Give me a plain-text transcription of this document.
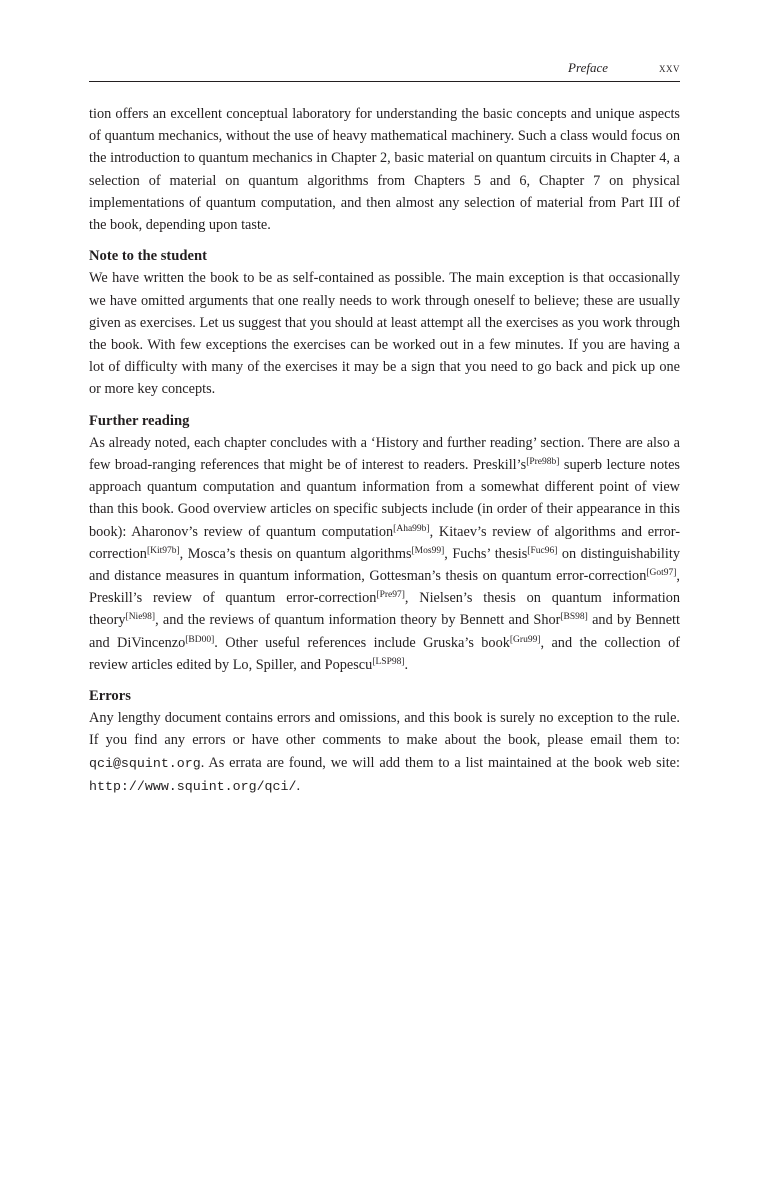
Preface	xxv

tion offers an excellent conceptual laboratory for understanding the basic concepts and unique aspects of quantum mechanics, without the use of heavy mathematical machinery. Such a class would focus on the introduction to quantum mechanics in Chapter 2, basic material on quantum circuits in Chapter 4, a selection of material on quantum algorithms from Chapters 5 and 6, Chapter 7 on physical implementations of quantum computation, and then almost any selection of material from Part III of the book, depending upon taste.

Note to the student

We have written the book to be as self-contained as possible. The main exception is that occasionally we have omitted arguments that one really needs to work through oneself to believe; these are usually given as exercises. Let us suggest that you should at least attempt all the exercises as you work through the book. With few exceptions the exercises can be worked out in a few minutes. If you are having a lot of difficulty with many of the exercises it may be a sign that you need to go back and pick up one or more key concepts.

Further reading

As already noted, each chapter concludes with a ‘History and further reading’ section. There are also a few broad-ranging references that might be of interest to readers. Preskill’s[Pre98b] superb lecture notes approach quantum computation and quantum information from a somewhat different point of view than this book. Good overview articles on specific subjects include (in order of their appearance in this book): Aharonov’s review of quantum computation[Aha99b], Kitaev’s review of algorithms and error-correction[Kit97b], Mosca’s thesis on quantum algorithms[Mos99], Fuchs’ thesis[Fuc96] on distinguishability and distance measures in quantum information, Gottesman’s thesis on quantum error-correction[Got97], Preskill’s review of quantum error-correction[Pre97], Nielsen’s thesis on quantum information theory[Nie98], and the reviews of quantum information theory by Bennett and Shor[BS98] and by Bennett and DiVincenzo[BD00]. Other useful references include Gruska’s book[Gru99], and the collection of review articles edited by Lo, Spiller, and Popescu[LSP98].

Errors

Any lengthy document contains errors and omissions, and this book is surely no exception to the rule. If you find any errors or have other comments to make about the book, please email them to: qci@squint.org. As errata are found, we will add them to a list maintained at the book web site: http://www.squint.org/qci/.
